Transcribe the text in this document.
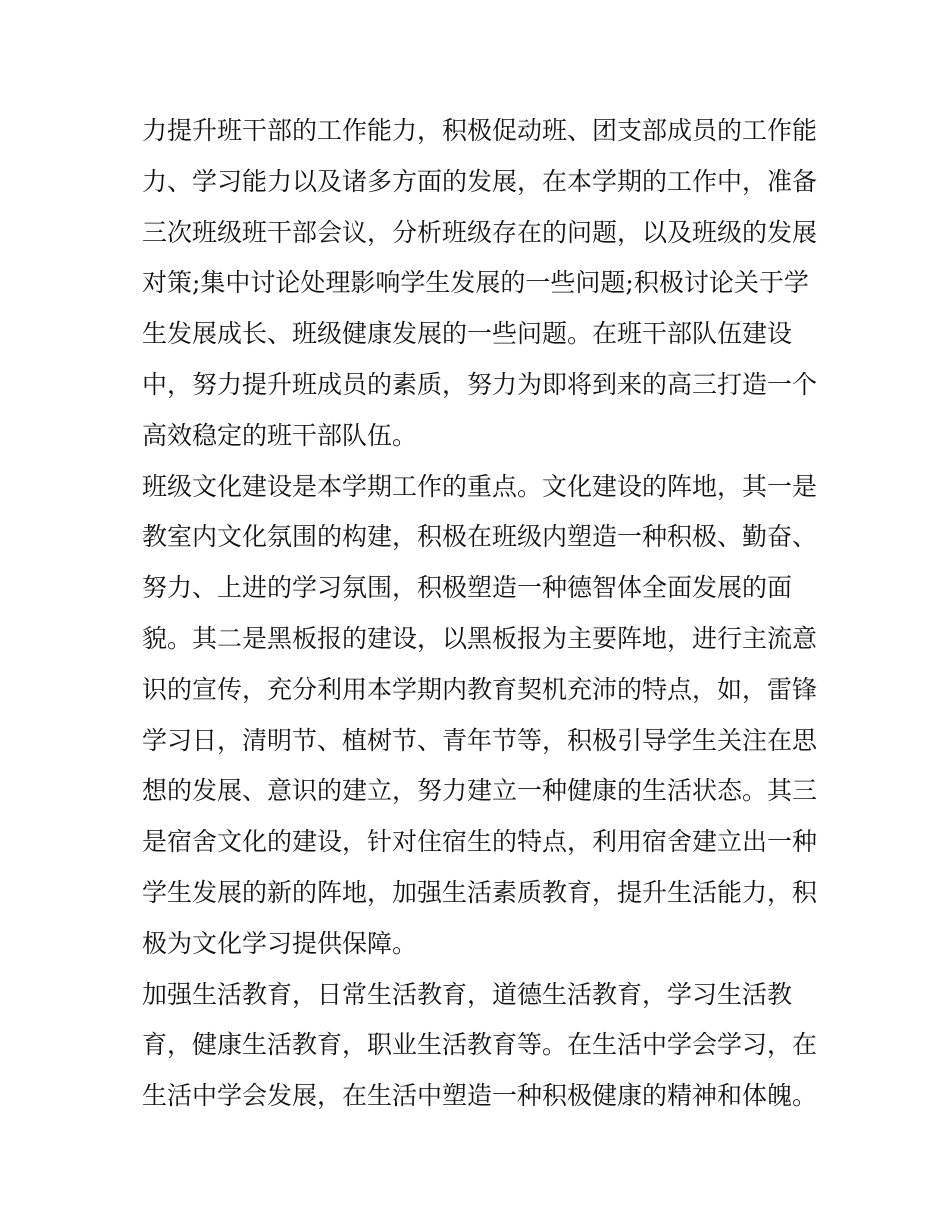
力提升班干部的工作能力，积极促动班、团支部成员的工作能
力、学习能力以及诸多方面的发展，在本学期的工作中，准备
三次班级班干部会议，分析班级存在的问题，以及班级的发展
对策;集中讨论处理影响学生发展的一些问题;积极讨论关于学
生发展成长、班级健康发展的一些问题。在班干部队伍建设
中，努力提升班成员的素质，努力为即将到来的高三打造一个
高效稳定的班干部队伍。
班级文化建设是本学期工作的重点。文化建设的阵地，其一是
教室内文化氛围的构建，积极在班级内塑造一种积极、勤奋、
努力、上进的学习氛围，积极塑造一种德智体全面发展的面
貌。其二是黑板报的建设，以黑板报为主要阵地，进行主流意
识的宣传，充分利用本学期内教育契机充沛的特点，如，雷锋
学习日，清明节、植树节、青年节等，积极引导学生关注在思
想的发展、意识的建立，努力建立一种健康的生活状态。其三
是宿舍文化的建设，针对住宿生的特点，利用宿舍建立出一种
学生发展的新的阵地，加强生活素质教育，提升生活能力，积
极为文化学习提供保障。
加强生活教育，日常生活教育，道德生活教育，学习生活教
育，健康生活教育，职业生活教育等。在生活中学会学习，在
生活中学会发展，在生活中塑造一种积极健康的精神和体魄。
